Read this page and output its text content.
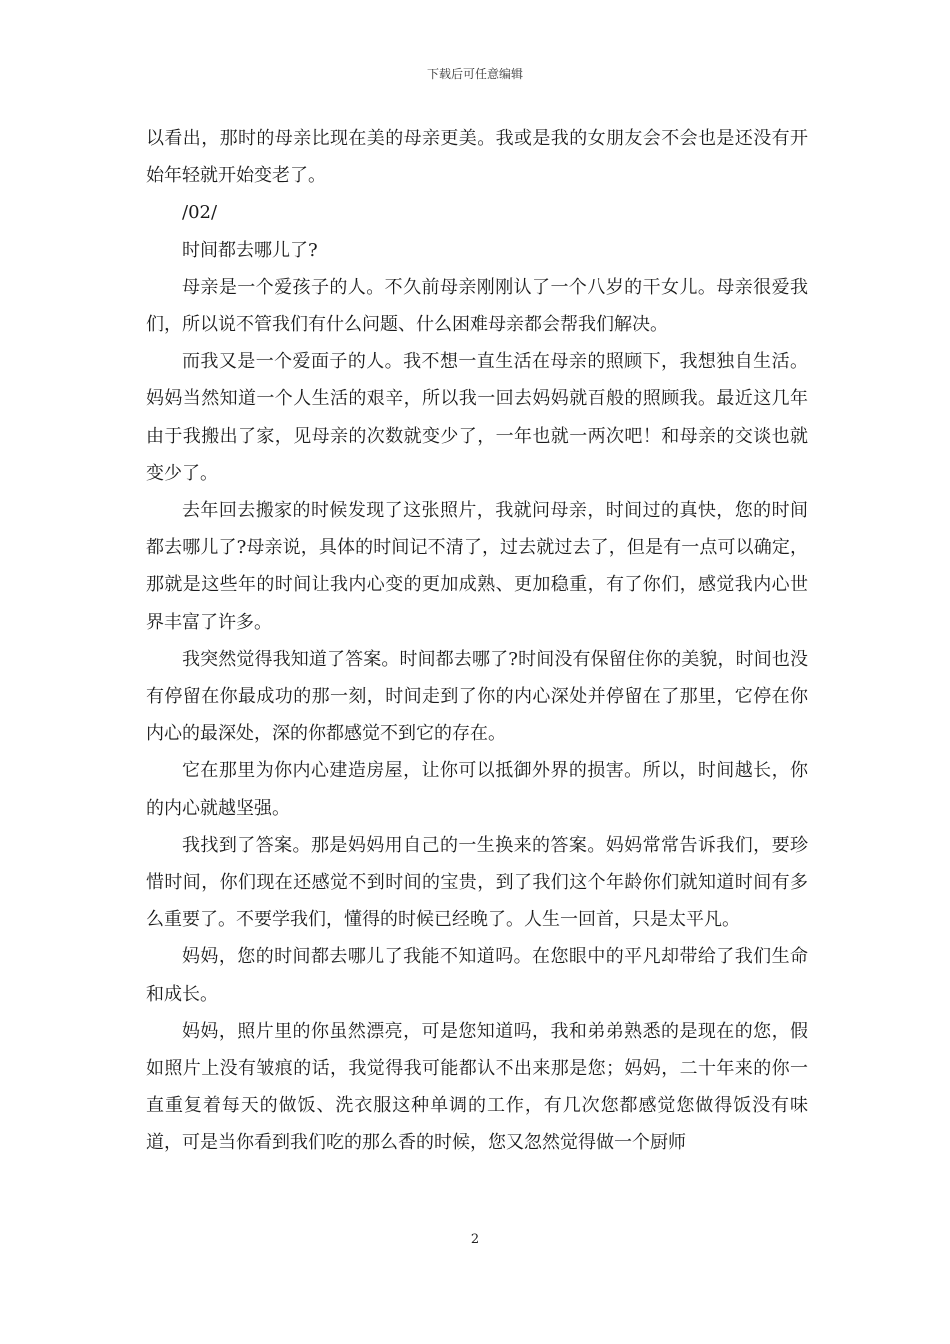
下载后可任意编辑

以看出，那时的母亲比现在美的母亲更美。我或是我的女朋友会不会也是还没有开始年轻就开始变老了。

/02/

时间都去哪儿了?

母亲是一个爱孩子的人。不久前母亲刚刚认了一个八岁的干女儿。母亲很爱我们，所以说不管我们有什么问题、什么困难母亲都会帮我们解决。

而我又是一个爱面子的人。我不想一直生活在母亲的照顾下，我想独自生活。妈妈当然知道一个人生活的艰辛，所以我一回去妈妈就百般的照顾我。最近这几年由于我搬出了家，见母亲的次数就变少了，一年也就一两次吧！和母亲的交谈也就变少了。

去年回去搬家的时候发现了这张照片，我就问母亲，时间过的真快，您的时间都去哪儿了?母亲说，具体的时间记不清了，过去就过去了，但是有一点可以确定，那就是这些年的时间让我内心变的更加成熟、更加稳重，有了你们，感觉我内心世界丰富了许多。

我突然觉得我知道了答案。时间都去哪了?时间没有保留住你的美貌，时间也没有停留在你最成功的那一刻，时间走到了你的内心深处并停留在了那里，它停在你内心的最深处，深的你都感觉不到它的存在。

它在那里为你内心建造房屋，让你可以抵御外界的损害。所以，时间越长，你的内心就越坚强。

我找到了答案。那是妈妈用自己的一生换来的答案。妈妈常常告诉我们，要珍惜时间，你们现在还感觉不到时间的宝贵，到了我们这个年龄你们就知道时间有多么重要了。不要学我们，懂得的时候已经晚了。人生一回首，只是太平凡。

妈妈，您的时间都去哪儿了我能不知道吗。在您眼中的平凡却带给了我们生命和成长。

妈妈，照片里的你虽然漂亮，可是您知道吗，我和弟弟熟悉的是现在的您，假如照片上没有皱痕的话，我觉得我可能都认不出来那是您；妈妈，二十年来的你一直重复着每天的做饭、洗衣服这种单调的工作，有几次您都感觉您做得饭没有味道，可是当你看到我们吃的那么香的时候，您又忽然觉得做一个厨师

2
